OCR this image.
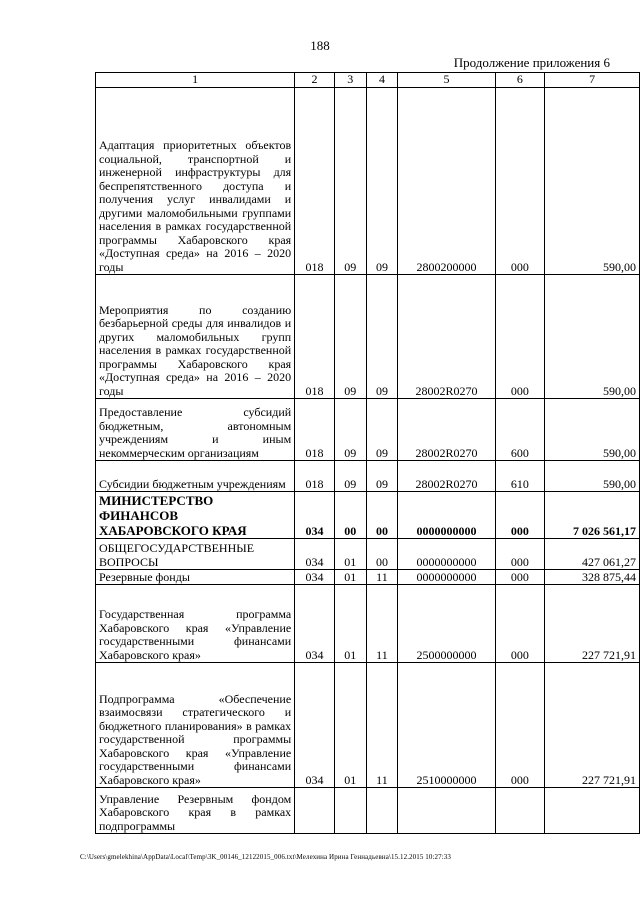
188
Продолжение приложения 6
1	2	3	4	5	6	7
Адаптация приоритетных объектов социальной, транспортной и инженерной инфраструктуры для беспрепятственного доступа и получения услуг инвалидами и другими маломобильными группами населения в рамках государственной программы Хабаровского края «Доступная среда» на 2016 – 2020 годы	018	09	09	2800200000	000	590,00
Мероприятия по созданию безбарьерной среды для инвалидов и других маломобильных групп населения в рамках государственной программы Хабаровского края «Доступная среда» на 2016 – 2020 годы	018	09	09	28002R0270	000	590,00
Предоставление субсидий бюджетным, автономным учреждениям и иным некоммерческим организациям	018	09	09	28002R0270	600	590,00
Субсидии бюджетным учреждениям	018	09	09	28002R0270	610	590,00
МИНИСТЕРСТВО ФИНАНСОВ ХАБАРОВСКОГО КРАЯ	034	00	00	0000000000	000	7 026 561,17
ОБЩЕГОСУДАРСТВЕННЫЕ ВОПРОСЫ	034	01	00	0000000000	000	427 061,27
Резервные фонды	034	01	11	0000000000	000	328 875,44
Государственная программа Хабаровского края «Управление государственными финансами Хабаровского края»	034	01	11	2500000000	000	227 721,91
Подпрограмма «Обеспечение взаимосвязи стратегического и бюджетного планирования» в рамках государственной программы Хабаровского края «Управление государственными финансами Хабаровского края»	034	01	11	2510000000	000	227 721,91
Управление Резервным фондом Хабаровского края в рамках подпрограммы						
C:\Users\gmelekhina\AppData\Local\Temp\3K_00146_12122015_006.txt\Мелехина Ирина Геннадьевна\15.12.2015 10:27:33
